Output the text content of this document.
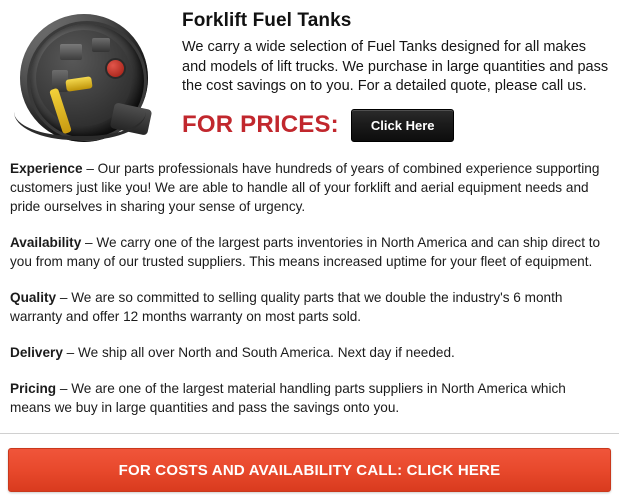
Forklift Fuel Tanks

We carry a wide selection of Fuel Tanks designed for all makes and models of lift trucks. We purchase in large quantities and pass the cost savings on to you. For a detailed quote, please call us.

FOR PRICES:	Click Here

Experience – Our parts professionals have hundreds of years of combined experience supporting customers just like you! We are able to handle all of your forklift and aerial equipment needs and pride ourselves in sharing your sense of urgency.

Availability – We carry one of the largest parts inventories in North America and can ship direct to you from many of our trusted suppliers. This means increased uptime for your fleet of equipment.

Quality – We are so committed to selling quality parts that we double the industry's 6 month warranty and offer 12 months warranty on most parts sold.

Delivery – We ship all over North and South America. Next day if needed.

Pricing – We are one of the largest material handling parts suppliers in North America which means we buy in large quantities and pass the savings onto you.

FOR COSTS AND AVAILABILITY CALL: CLICK HERE
